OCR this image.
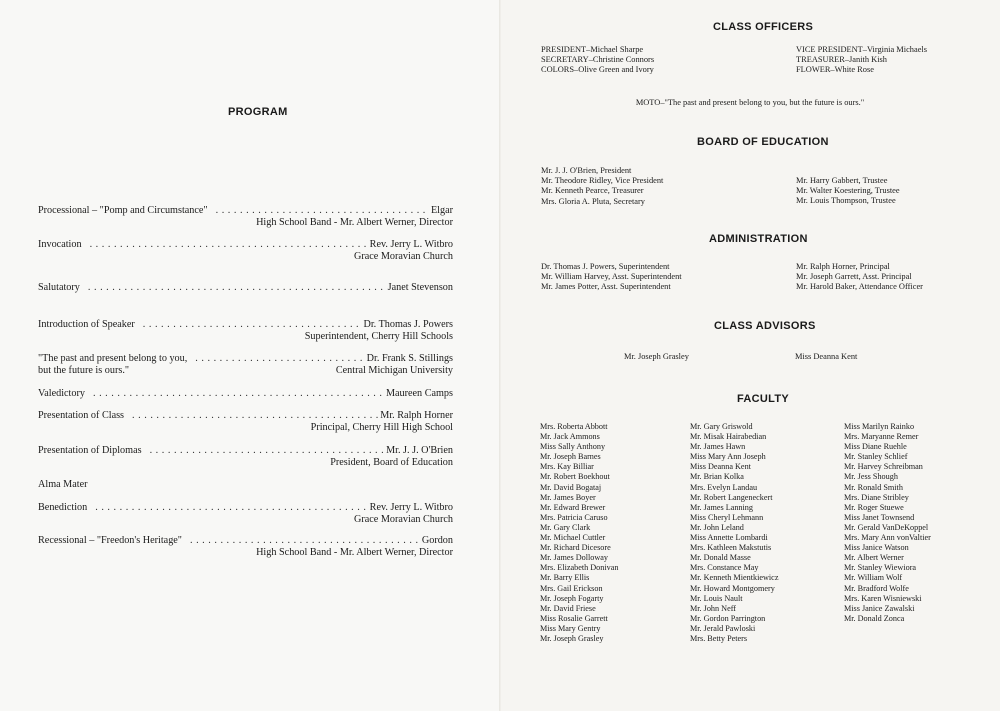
PROGRAM
Processional – "Pomp and Circumstance" . . .	Elgar
High School Band - Mr. Albert Werner, Director
Invocation . . .	Rev. Jerry L. Witbro
Grace Moravian Church
Salutatory . . .	Janet Stevenson
Introduction of Speaker . . .	Dr. Thomas J. Powers
Superintendent, Cherry Hill Schools
"The past and present belong to you, . . .	Dr. Frank S. Stillings
but the future is ours."	Central Michigan University
Valedictory . . .	Maureen Camps
Presentation of Class . . .	Mr. Ralph Horner
Principal, Cherry Hill High School
Presentation of Diplomas . . .	Mr. J. J. O'Brien
President, Board of Education
Alma Mater
Benediction . . .	Rev. Jerry L. Witbro
Grace Moravian Church
Recessional – "Freedon's Heritage" . . .	Gordon
High School Band - Mr. Albert Werner, Director
CLASS OFFICERS
PRESIDENT–Michael Sharpe
SECRETARY–Christine Connors
COLORS–Olive Green and Ivory
VICE PRESIDENT–Virginia Michaels
TREASURER–Janith Kish
FLOWER–White Rose
MOTO–"The past and present belong to you, but the future is ours."
BOARD OF EDUCATION
Mr. J. J. O'Brien, President
Mr. Theodore Ridley, Vice President
Mr. Kenneth Pearce, Treasurer
Mrs. Gloria A. Pluta, Secretary
Mr. Harry Gabbert, Trustee
Mr. Walter Koestering, Trustee
Mr. Louis Thompson, Trustee
ADMINISTRATION
Dr. Thomas J. Powers, Superintendent
Mr. William Harvey, Asst. Superintendent
Mr. James Potter, Asst. Superintendent
Mr. Ralph Horner, Principal
Mr. Joseph Garrett, Asst. Principal
Mr. Harold Baker, Attendance Officer
CLASS ADVISORS
Mr. Joseph Grasley	Miss Deanna Kent
FACULTY
Mrs. Roberta Abbott
Mr. Jack Ammons
Miss Sally Anthony
Mr. Joseph Barnes
Mrs. Kay Billiar
Mr. Robert Boekhout
Mr. David Bogataj
Mr. James Boyer
Mr. Edward Brewer
Mrs. Patricia Caruso
Mr. Gary Clark
Mr. Michael Cuttler
Mr. Richard Dicesore
Mr. James Dolloway
Mrs. Elizabeth Donivan
Mr. Barry Ellis
Mrs. Gail Erickson
Mr. Joseph Fogarty
Mr. David Friese
Miss Rosalie Garrett
Miss Mary Gentry
Mr. Joseph Grasley
Mr. Gary Griswold
Mr. Misak Hairabedian
Mr. James Hawn
Miss Mary Ann Joseph
Miss Deanna Kent
Mr. Brian Kolka
Mrs. Evelyn Landau
Mr. Robert Langeneckert
Mr. James Lanning
Miss Cheryl Lehmann
Mr. John Leland
Miss Annette Lombardi
Mrs. Kathleen Makstutis
Mr. Donald Masse
Mrs. Constance May
Mr. Kenneth Mientkiewicz
Mr. Howard Montgomery
Mr. Louis Nault
Mr. John Neff
Mr. Gordon Parrington
Mr. Jerald Pawloski
Mrs. Betty Peters
Miss Marilyn Rainko
Mrs. Maryanne Remer
Miss Diane Ruehle
Mr. Stanley Schlief
Mr. Harvey Schreibman
Mr. Jess Shough
Mr. Ronald Smith
Mrs. Diane Stribley
Mr. Roger Stuewe
Miss Janet Townsend
Mr. Gerald VanDeKoppel
Mrs. Mary Ann vonValtier
Miss Janice Watson
Mr. Albert Werner
Mr. Stanley Wiewiora
Mr. William Wolf
Mr. Bradford Wolfe
Mrs. Karen Wisniewski
Miss Janice Zawalski
Mr. Donald Zonca
